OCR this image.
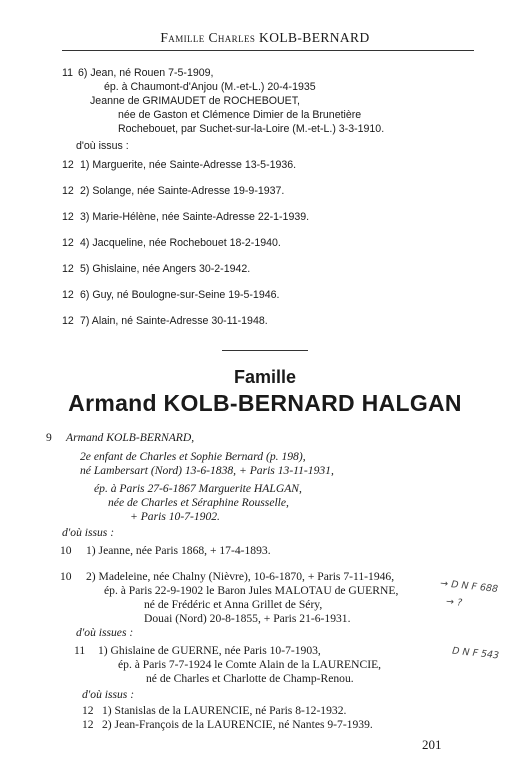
Famille Charles KOLB-BERNARD
11 6) Jean, né Rouen 7-5-1909,
ép. à Chaumont-d'Anjou (M.-et-L.) 20-4-1935
Jeanne de GRIMAUDET de ROCHEBOUET,
née de Gaston et Clémence Dimier de la Brunetière
Rochebouet, par Suchet-sur-la-Loire (M.-et-L.) 3-3-1910.
d'où issus :
12 1) Marguerite, née Sainte-Adresse 13-5-1936.
12 2) Solange, née Sainte-Adresse 19-9-1937.
12 3) Marie-Hélène, née Sainte-Adresse 22-1-1939.
12 4) Jacqueline, née Rochebouet 18-2-1940.
12 5) Ghislaine, née Angers 30-2-1942.
12 6) Guy, né Boulogne-sur-Seine 19-5-1946.
12 7) Alain, né Sainte-Adresse 30-11-1948.
Famille
Armand KOLB-BERNARD HALGAN
9 Armand KOLB-BERNARD,
2e enfant de Charles et Sophie Bernard (p. 198),
né Lambersart (Nord) 13-6-1838, + Paris 13-11-1931,
ép. à Paris 27-6-1867 Marguerite HALGAN,
née de Charles et Séraphine Rousselle,
+ Paris 10-7-1902.
d'où issus :
10 1) Jeanne, née Paris 1868, + 17-4-1893.
10 2) Madeleine, née Chalny (Nièvre), 10-6-1870, + Paris 7-11-1946,
ép. à Paris 22-9-1902 le Baron Jules MALOTAU de GUERNE,
né de Frédéric et Anna Grillet de Séry,
Douai (Nord) 20-8-1855, + Paris 21-6-1931.
d'où issues :
11 1) Ghislaine de GUERNE, née Paris 10-7-1903,
ép. à Paris 7-7-1924 le Comte Alain de la LAURENCIE,
né de Charles et Charlotte de Champ-Renou.
d'où issus :
12 1) Stanislas de la LAURENCIE, né Paris 8-12-1932.
12 2) Jean-François de la LAURENCIE, né Nantes 9-7-1939.
→ D N F 688
→ ?
D N F 543
201
